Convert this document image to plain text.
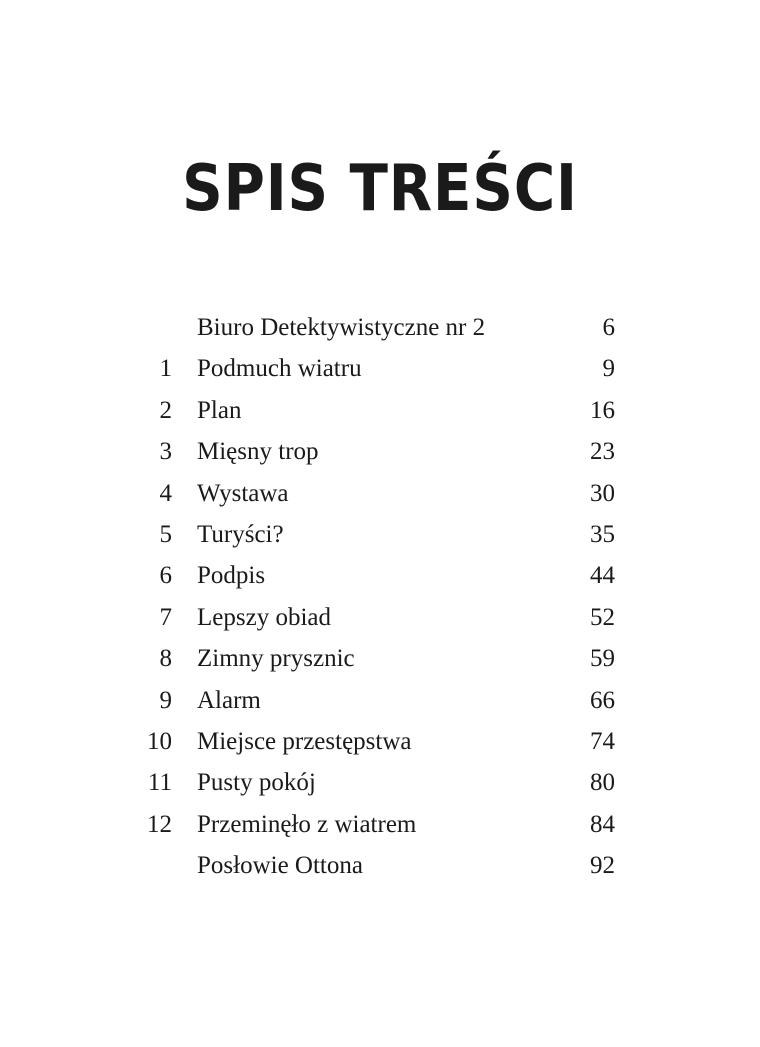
SPIS TREŚCI
Biuro Detektywistyczne nr 2	6
1 Podmuch wiatru	9
2 Plan	16
3 Mięsny trop	23
4 Wystawa	30
5 Turyści?	35
6 Podpis	44
7 Lepszy obiad	52
8 Zimny prysznic	59
9 Alarm	66
10 Miejsce przestępstwa	74
11 Pusty pokój	80
12 Przeminęło z wiatrem	84
Posłowie Ottona	92
